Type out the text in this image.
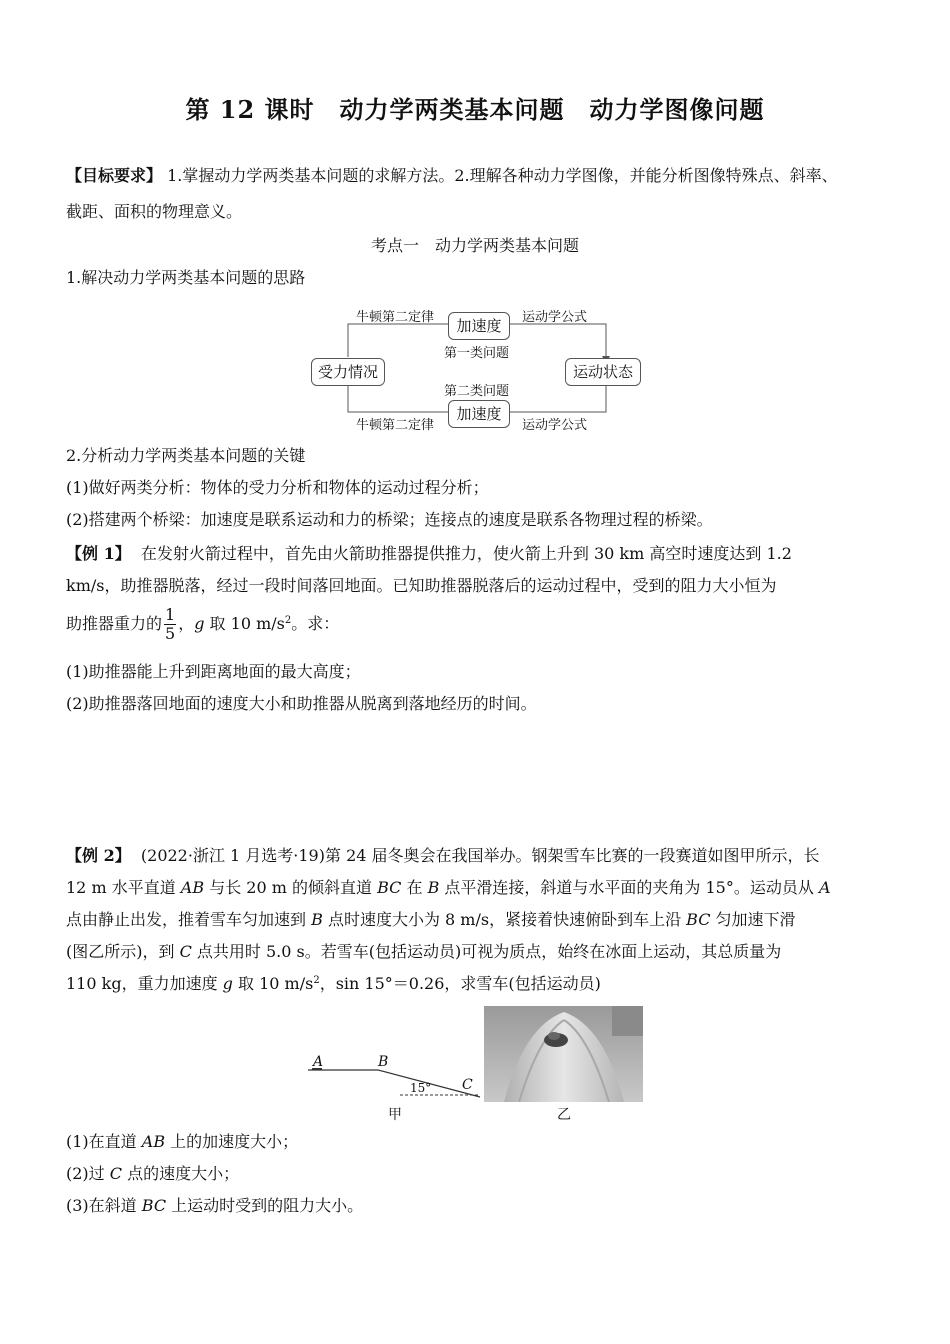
第 12 课时　动力学两类基本问题　动力学图像问题
【目标要求】 1.掌握动力学两类基本问题的求解方法。2.理解各种动力学图像，并能分析图像特殊点、斜率、
截距、面积的物理意义。
考点一　动力学两类基本问题
1.解决动力学两类基本问题的思路
受力情况
加速度
加速度
运动状态
牛顿第二定律	运动学公式
第一类问题
第二类问题
牛顿第二定律	运动学公式
2.分析动力学两类基本问题的关键
(1)做好两类分析：物体的受力分析和物体的运动过程分析；
(2)搭建两个桥梁：加速度是联系运动和力的桥梁；连接点的速度是联系各物理过程的桥梁。
【例 1】 在发射火箭过程中，首先由火箭助推器提供推力，使火箭上升到 30 km 高空时速度达到 1.2
km/s，助推器脱落，经过一段时间落回地面。已知助推器脱落后的运动过程中，受到的阻力大小恒为
助推器重力的 $\frac{1}{5}$ ，g 取 10 $m/s^2$。求：
(1)助推器能上升到距离地面的最大高度；
(2)助推器落回地面的速度大小和助推器从脱离到落地经历的时间。
【例 2】 (2022·浙江 1 月选考·19)第 24 届冬奥会在我国举办。钢架雪车比赛的一段赛道如图甲所示，长
12 m 水平直道 AB 与长 20 m 的倾斜直道 BC 在 B 点平滑连接，斜道与水平面的夹角为 15°。运动员从 A
点由静止出发，推着雪车匀加速到 B 点时速度大小为 8 m/s，紧接着快速俯卧到车上沿 BC 匀加速下滑
(图乙所示)，到 C 点共用时 5.0 s。若雪车(包括运动员)可视为质点，始终在冰面上运动，其总质量为
110 kg，重力加速度 g 取 10 $m/s^2$，sin 15°＝0.26，求雪车(包括运动员)
A	B
C
15°
甲	乙
(1)在直道 AB 上的加速度大小；
(2)过 C 点的速度大小；
(3)在斜道 BC 上运动时受到的阻力大小。
